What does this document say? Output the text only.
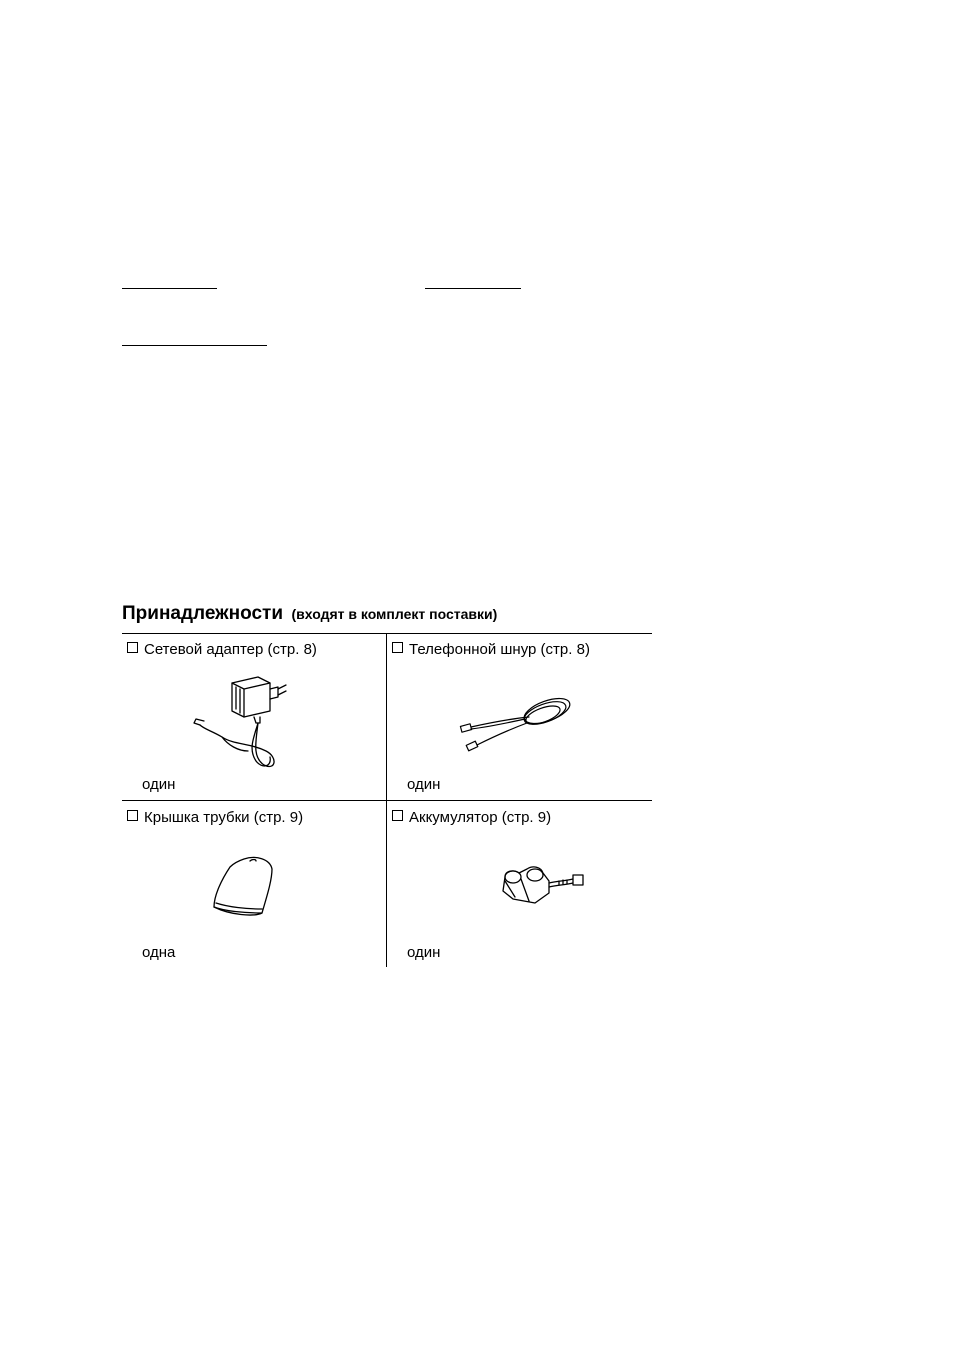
Принадлежности (входят в комплект поставки)
Сетевой адаптер (стр. 8)
один
Телефонной шнур (стр. 8)
один
Крышка трубки (стр. 9)
одна
Аккумулятор (стр. 9)
один
